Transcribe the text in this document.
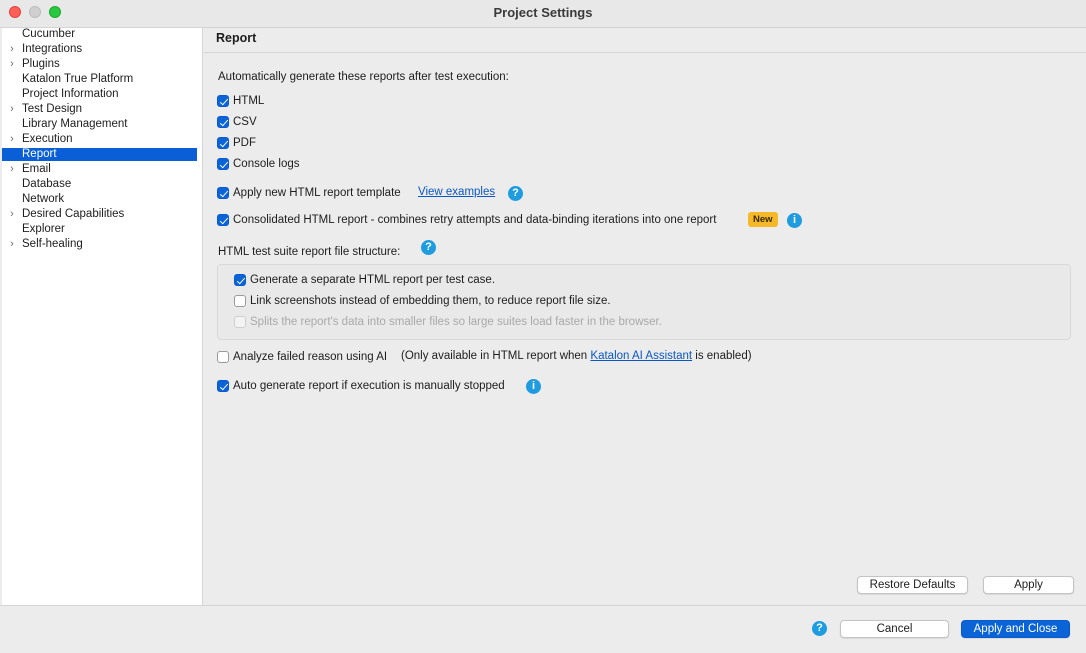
Project Settings
Cucumber
› Integrations
› Plugins
Katalon True Platform
Project Information
› Test Design
Library Management
› Execution
Report
› Email
Database
Network
› Desired Capabilities
Explorer
› Self-healing
Report
Automatically generate these reports after test execution:
HTML
CSV
PDF
Console logs
Apply new HTML report template View examples	?
Consolidated HTML report - combines retry attempts and data-binding iterations into one report	New	i
HTML test suite report file structure:	?
Generate a separate HTML report per test case.
Link screenshots instead of embedding them, to reduce report file size.
Splits the report's data into smaller files so large suites load faster in the browser.
Analyze failed reason using AI (Only available in HTML report when Katalon AI Assistant is enabled)
Auto generate report if execution is manually stopped	i
Restore Defaults	Apply
?	Cancel	Apply and Close
